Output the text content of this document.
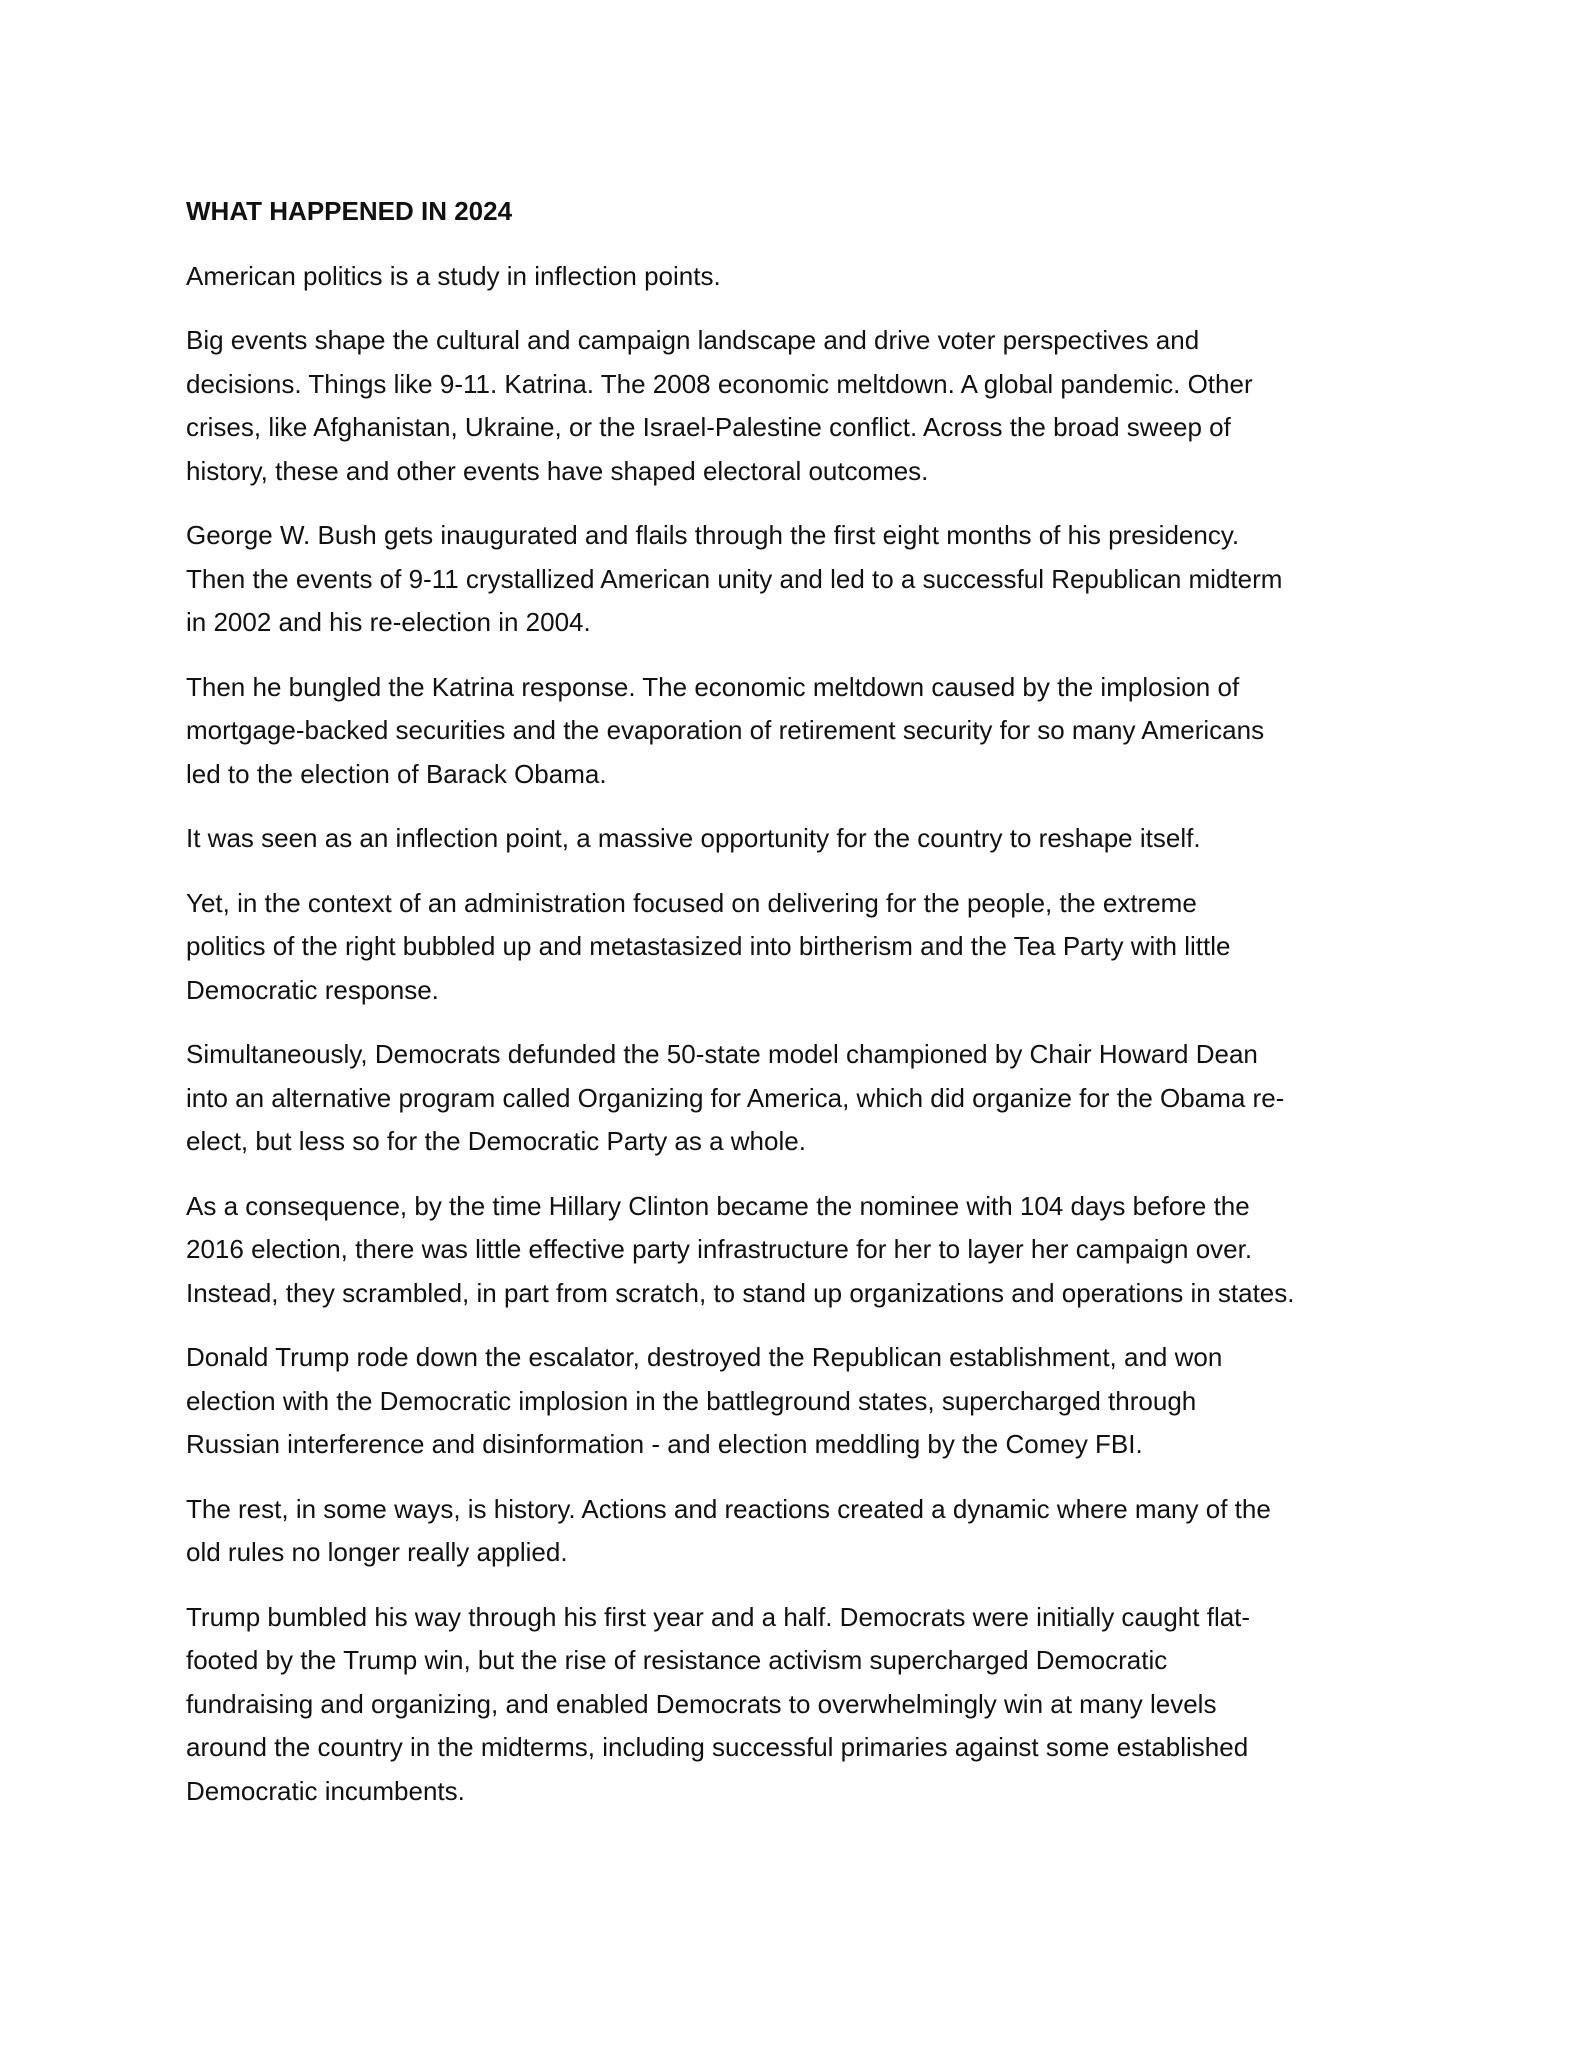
WHAT HAPPENED IN 2024
American politics is a study in inflection points.
Big events shape the cultural and campaign landscape and drive voter perspectives and
decisions. Things like 9-11. Katrina. The 2008 economic meltdown. A global pandemic. Other
crises, like Afghanistan, Ukraine, or the Israel-Palestine conflict. Across the broad sweep of
history, these and other events have shaped electoral outcomes.
George W. Bush gets inaugurated and flails through the first eight months of his presidency.
Then the events of 9-11 crystallized American unity and led to a successful Republican midterm
in 2002 and his re-election in 2004.
Then he bungled the Katrina response. The economic meltdown caused by the implosion of
mortgage-backed securities and the evaporation of retirement security for so many Americans
led to the election of Barack Obama.
It was seen as an inflection point, a massive opportunity for the country to reshape itself.
Yet, in the context of an administration focused on delivering for the people, the extreme
politics of the right bubbled up and metastasized into birtherism and the Tea Party with little
Democratic response.
Simultaneously, Democrats defunded the 50-state model championed by Chair Howard Dean
into an alternative program called Organizing for America, which did organize for the Obama re-
elect, but less so for the Democratic Party as a whole.
As a consequence, by the time Hillary Clinton became the nominee with 104 days before the
2016 election, there was little effective party infrastructure for her to layer her campaign over.
Instead, they scrambled, in part from scratch, to stand up organizations and operations in states.
Donald Trump rode down the escalator, destroyed the Republican establishment, and won
election with the Democratic implosion in the battleground states, supercharged through
Russian interference and disinformation - and election meddling by the Comey FBI.
The rest, in some ways, is history. Actions and reactions created a dynamic where many of the
old rules no longer really applied.
Trump bumbled his way through his first year and a half. Democrats were initially caught flat-
footed by the Trump win, but the rise of resistance activism supercharged Democratic
fundraising and organizing, and enabled Democrats to overwhelmingly win at many levels
around the country in the midterms, including successful primaries against some established
Democratic incumbents.
